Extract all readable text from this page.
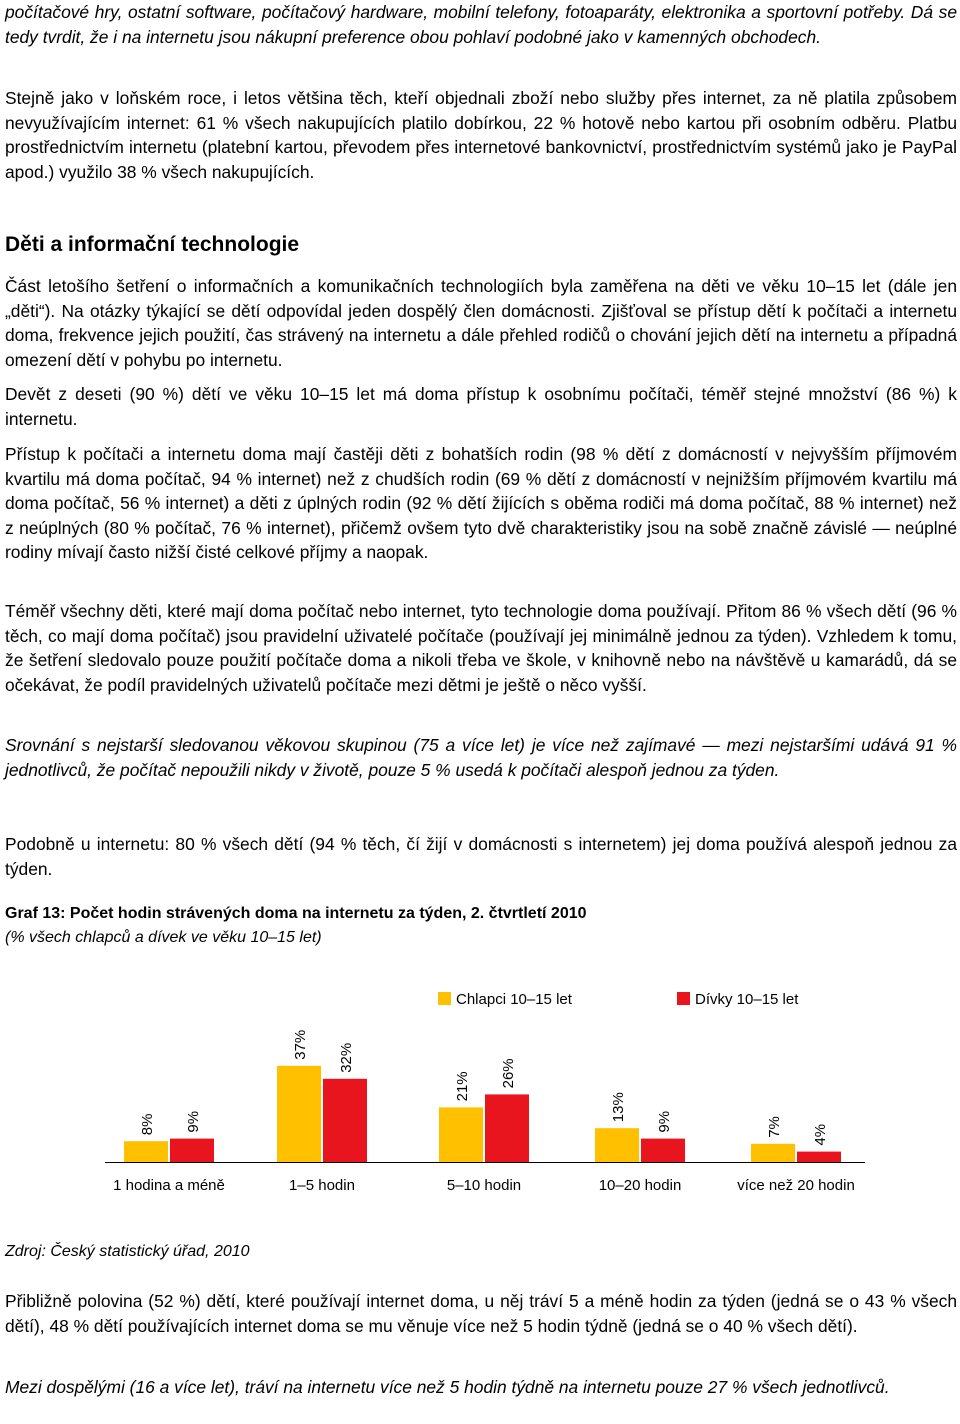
počítačové hry, ostatní software, počítačový hardware, mobilní telefony, fotoaparáty, elektronika a sportovní potřeby. Dá se tedy tvrdit, že i na internetu jsou nákupní preference obou pohlaví podobné jako v kamenných obchodech.

Stejně jako v loňském roce, i letos většina těch, kteří objednali zboží nebo služby přes internet, za ně platila způsobem nevyužívajícím internet: 61 % všech nakupujících platilo dobírkou, 22 % hotově nebo kartou při osobním odběru. Platbu prostřednictvím internetu (platební kartou, převodem přes internetové bankovnictví, prostřednictvím systémů jako je PayPal apod.) využilo 38 % všech nakupujících.

Děti a informační technologie

Část letošího šetření o informačních a komunikačních technologiích byla zaměřena na děti ve věku 10–15 let (dále jen „děti“). Na otázky týkající se dětí odpovídal jeden dospělý člen domácnosti. Zjišťoval se přístup dětí k počítači a internetu doma, frekvence jejich použití, čas strávený na internetu a dále přehled rodičů o chování jejich dětí na internetu a případná omezení dětí v pohybu po internetu.

Devět z deseti (90 %) dětí ve věku 10–15 let má doma přístup k osobnímu počítači, téměř stejné množství (86 %) k internetu.

Přístup k počítači a internetu doma mají častěji děti z bohatších rodin (98 % dětí z domácností v nejvyšším příjmovém kvartilu má doma počítač, 94 % internet) než z chudších rodin (69 % dětí z domácností v nejnižším příjmovém kvartilu má doma počítač, 56 % internet) a děti z úplných rodin (92 % dětí žijících s oběma rodiči má doma počítač, 88 % internet) než z neúplných (80 % počítač, 76 % internet), přičemž ovšem tyto dvě charakteristiky jsou na sobě značně závislé — neúplné rodiny mívají často nižší čisté celkové příjmy a naopak.

Téměř všechny děti, které mají doma počítač nebo internet, tyto technologie doma používají. Přitom 86 % všech dětí (96 % těch, co mají doma počítač) jsou pravidelní uživatelé počítače (používají jej minimálně jednou za týden). Vzhledem k tomu, že šetření sledovalo pouze použití počítače doma a nikoli třeba ve škole, v knihovně nebo na návštěvě u kamarádů, dá se očekávat, že podíl pravidelných uživatelů počítače mezi dětmi je ještě o něco vyšší.

Srovnání s nejstarší sledovanou věkovou skupinou (75 a více let) je více než zajímavé — mezi nejstaršími udává 91 % jednotlivců, že počítač nepoužili nikdy v životě, pouze 5 % usedá k počítači alespoň jednou za týden.

Podobně u internetu: 80 % všech dětí (94 % těch, čí žijí v domácnosti s internetem) jej doma používá alespoň jednou za týden.

Graf 13: Počet hodin strávených doma na internetu za týden, 2. čtvrtletí 2010

(% všech chlapců a dívek ve věku 10–15 let)

8% 9%
1 hodina a méně
37% 32%
1–5 hodin
21% 26%
5–10 hodin
13% 9%
10–20 hodin
7% 4%
více než 20 hodin
Chlapci 10–15 let	Dívky 10–15 let

Zdroj: Český statistický úřad, 2010

Přibližně polovina (52 %) dětí, které používají internet doma, u něj tráví 5 a méně hodin za týden (jedná se o 43 % všech dětí), 48 % dětí používajících internet doma se mu věnuje více než 5 hodin týdně (jedná se o 40 % všech dětí).

Mezi dospělými (16 a více let), tráví na internetu více než 5 hodin týdně na internetu pouze 27 % všech jednotlivců.
